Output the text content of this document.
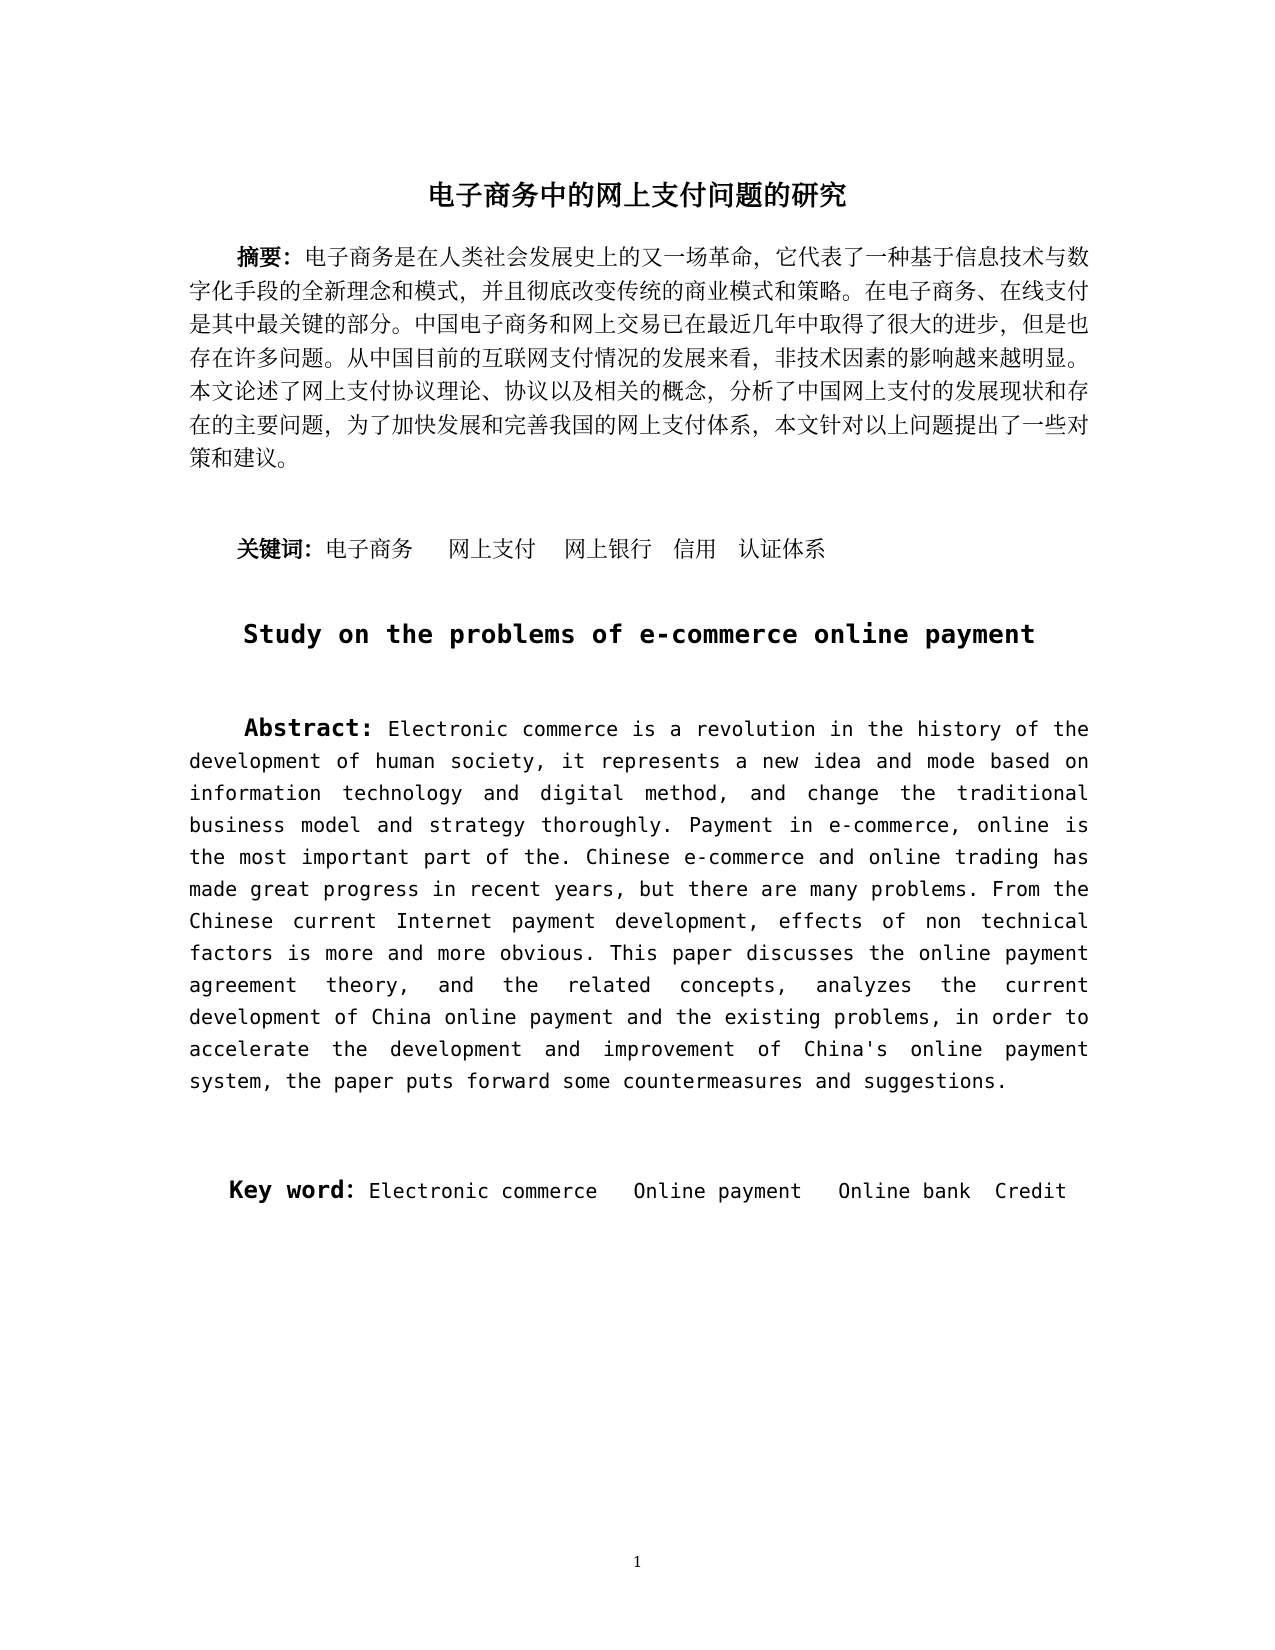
电子商务中的网上支付问题的研究

摘要：电子商务是在人类社会发展史上的又一场革命，它代表了一种基于信息技术与数字化手段的全新理念和模式，并且彻底改变传统的商业模式和策略。在电子商务、在线支付是其中最关键的部分。中国电子商务和网上交易已在最近几年中取得了很大的进步，但是也存在许多问题。从中国目前的互联网支付情况的发展来看，非技术因素的影响越来越明显。本文论述了网上支付协议理论、协议以及相关的概念，分析了中国网上支付的发展现状和存在的主要问题，为了加快发展和完善我国的网上支付体系，本文针对以上问题提出了一些对策和建议。

关键词：电子商务     网上支付    网上银行   信用   认证体系

Study on the problems of e-commerce online payment

Abstract: Electronic commerce is a revolution in the history of the development of human society, it represents a new idea and mode based on information technology and digital method, and change the traditional business model and strategy thoroughly. Payment in e-commerce, online is the most important part of the. Chinese e-commerce and online trading has made great progress in recent years, but there are many problems. From the Chinese current Internet payment development, effects of non technical factors is more and more obvious. This paper discusses the online payment agreement theory, and the related concepts, analyzes the current development of China online payment and the existing problems, in order to accelerate the development and improvement of China's online payment system, the paper puts forward some countermeasures and suggestions.

Key word：Electronic commerce   Online payment   Online bank  Credit

1
